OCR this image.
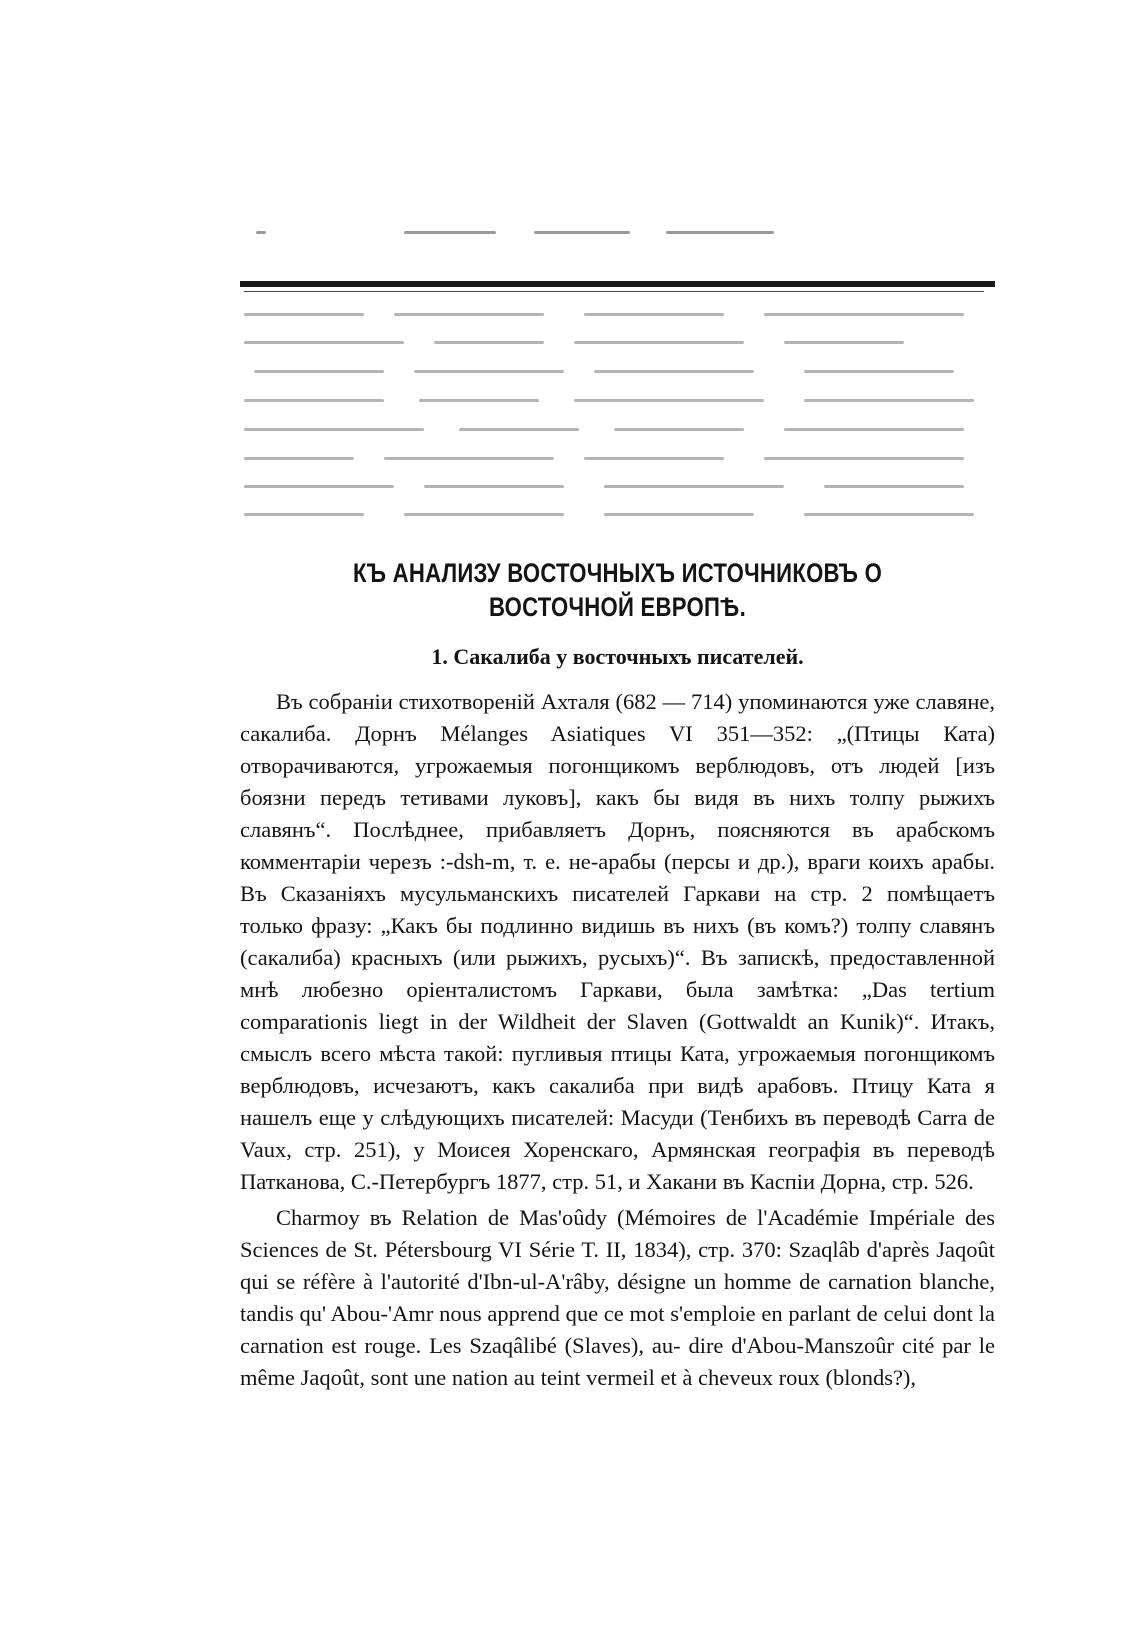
КЪ АНАЛИЗУ ВОСТОЧНЫХЪ ИСТОЧНИКОВЪ О ВОСТОЧНОЙ ЕВРОПѢ.
1. Сакалиба у восточныхъ писателей.

Въ собраніи стихотвореній Ахталя (682 — 714) упоминаются уже славяне, сакалиба. Дорнъ Mélanges Asiatiques VI 351—352: „(Птицы Ката) отворачиваются, угрожаемыя погонщикомъ верблюдовъ, отъ людей [изъ боязни передъ тетивами луковъ], какъ бы видя въ нихъ толпу рыжихъ славянъ“. Послѣднее, прибавляетъ Дорнъ, поясняются въ арабскомъ комментаріи черезъ :-dsh-m, т. е. не-арабы (персы и др.), враги коихъ арабы. Въ Сказаніяхъ мусульманскихъ писателей Гаркави на стр. 2 помѣщаетъ только фразу: „Какъ бы подлинно видишь въ нихъ (въ комъ?) толпу славянъ (сакалиба) красныхъ (или рыжихъ, русыхъ)“. Въ запискѣ, предоставленной мнѣ любезно оріенталистомъ Гаркави, была замѣтка: „Das tertium comparationis liegt in der Wildheit der Slaven (Gottwaldt an Kunik)“. Итакъ, смыслъ всего мѣста такой: пугливыя птицы Ката, угрожаемыя погонщикомъ верблюдовъ, исчезаютъ, какъ сакалиба при видѣ арабовъ. Птицу Ката я нашелъ еще у слѣдующихъ писателей: Масуди (Тенбихъ въ переводѣ Carra de Vaux, стр. 251), у Моисея Хоренскаго, Армянская географія въ переводѣ Патканова, С.-Петербургъ 1877, стр. 51, и Хакани въ Каспіи Дорна, стр. 526.

Charmoy въ Relation de Mas'oûdy (Mémoires de l'Académie Impériale des Sciences de St. Pétersbourg VI Série T. II, 1834), стр. 370: Szaqlâb d'après Jaqoût qui se réfère à l'autorité d'Ibn-ul-A'râby, désigne un homme de carnation blanche, tandis qu' Abou-'Amr nous apprend que ce mot s'emploie en parlant de celui dont la carnation est rouge. Les Szaqâlibé (Slaves), au- dire d'Abou-Manszoûr cité par le même Jaqoût, sont une nation au teint vermeil et à cheveux roux (blonds?),
